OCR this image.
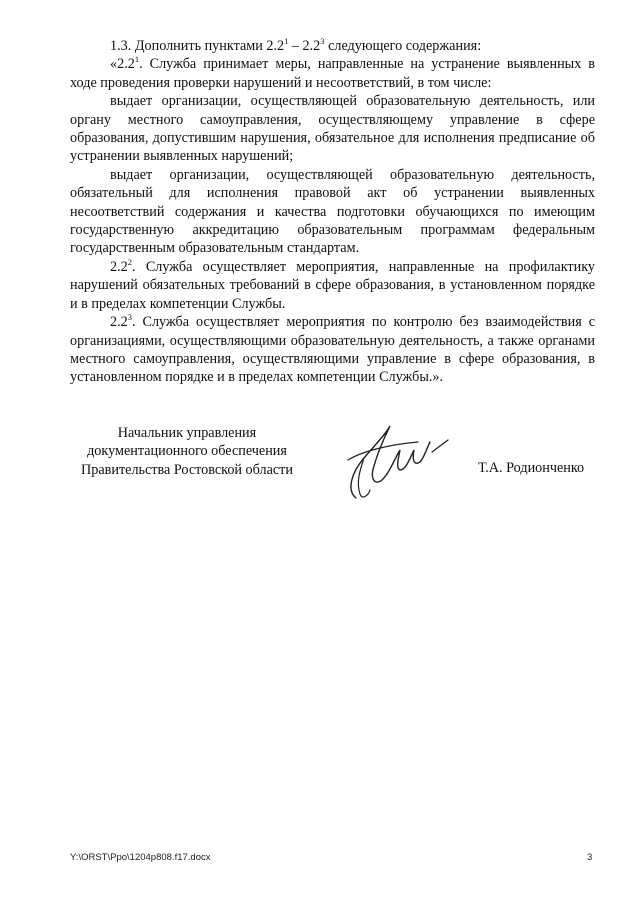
1.3. Дополнить пунктами $2.2^1 - 2.2^3$ следующего содержания:

«$2.2^1$. Служба принимает меры, направленные на устранение выявленных в ходе проведения проверки нарушений и несоответствий, в том числе:

выдает организации, осуществляющей образовательную деятельность, или органу местного самоуправления, осуществляющему управление в сфере образования, допустившим нарушения, обязательное для исполнения предписание об устранении выявленных нарушений;

выдает организации, осуществляющей образовательную деятельность, обязательный для исполнения правовой акт об устранении выявленных несоответствий содержания и качества подготовки обучающихся по имеющим государственную аккредитацию образовательным программам федеральным государственным образовательным стандартам.

$2.2^2$. Служба осуществляет мероприятия, направленные на профилактику нарушений обязательных требований в сфере образования, в установленном порядке и в пределах компетенции Службы.

$2.2^3$. Служба осуществляет мероприятия по контролю без взаимодействия с организациями, осуществляющими образовательную деятельность, а также органами местного самоуправления, осуществляющими управление в сфере образования, в установленном порядке и в пределах компетенции Службы.».

Начальник управления
документационного обеспечения
Правительства Ростовской области	Т.А. Родионченко
Y:\ORST\Ppo\1204p808.f17.docx	3
